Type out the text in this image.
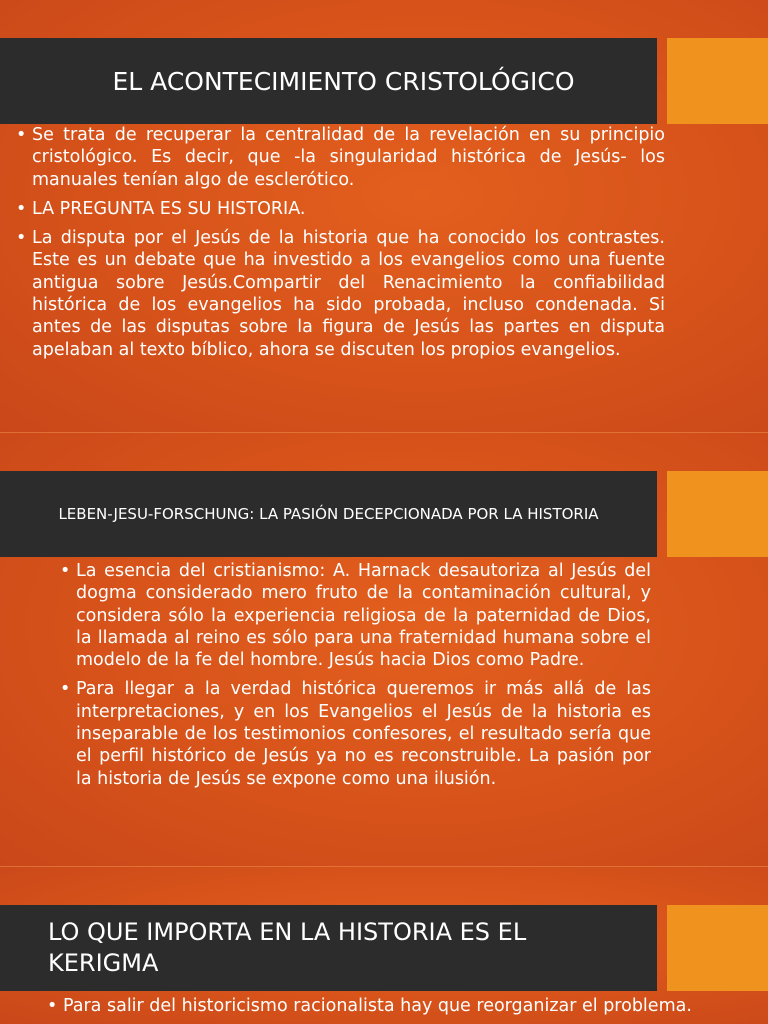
EL ACONTECIMIENTO CRISTOLÓGICO
• Se trata de recuperar la centralidad de la revelación en su principio cristológico. Es decir, que -la singularidad histórica de Jesús- los manuales tenían algo de esclerótico.
• LA PREGUNTA ES SU HISTORIA.
• La disputa por el Jesús de la historia que ha conocido los contrastes. Este es un debate que ha investido a los evangelios como una fuente antigua sobre Jesús.Compartir del Renacimiento la confiabilidad histórica de los evangelios ha sido probada, incluso condenada. Si antes de las disputas sobre la figura de Jesús las partes en disputa apelaban al texto bíblico, ahora se discuten los propios evangelios.
LEBEN-JESU-FORSCHUNG: LA PASIÓN DECEPCIONADA POR LA HISTORIA
• La esencia del cristianismo: A. Harnack desautoriza al Jesús del dogma considerado mero fruto de la contaminación cultural, y considera sólo la experiencia religiosa de la paternidad de Dios, la llamada al reino es sólo para una fraternidad humana sobre el modelo de la fe del hombre. Jesús hacia Dios como Padre.
• Para llegar a la verdad histórica queremos ir más allá de las interpretaciones, y en los Evangelios el Jesús de la historia es inseparable de los testimonios confesores, el resultado sería que el perfil histórico de Jesús ya no es reconstruible. La pasión por la historia de Jesús se expone como una ilusión.
LO QUE IMPORTA EN LA HISTORIA ES EL KERIGMA
• Para salir del historicismo racionalista hay que reorganizar el problema.
